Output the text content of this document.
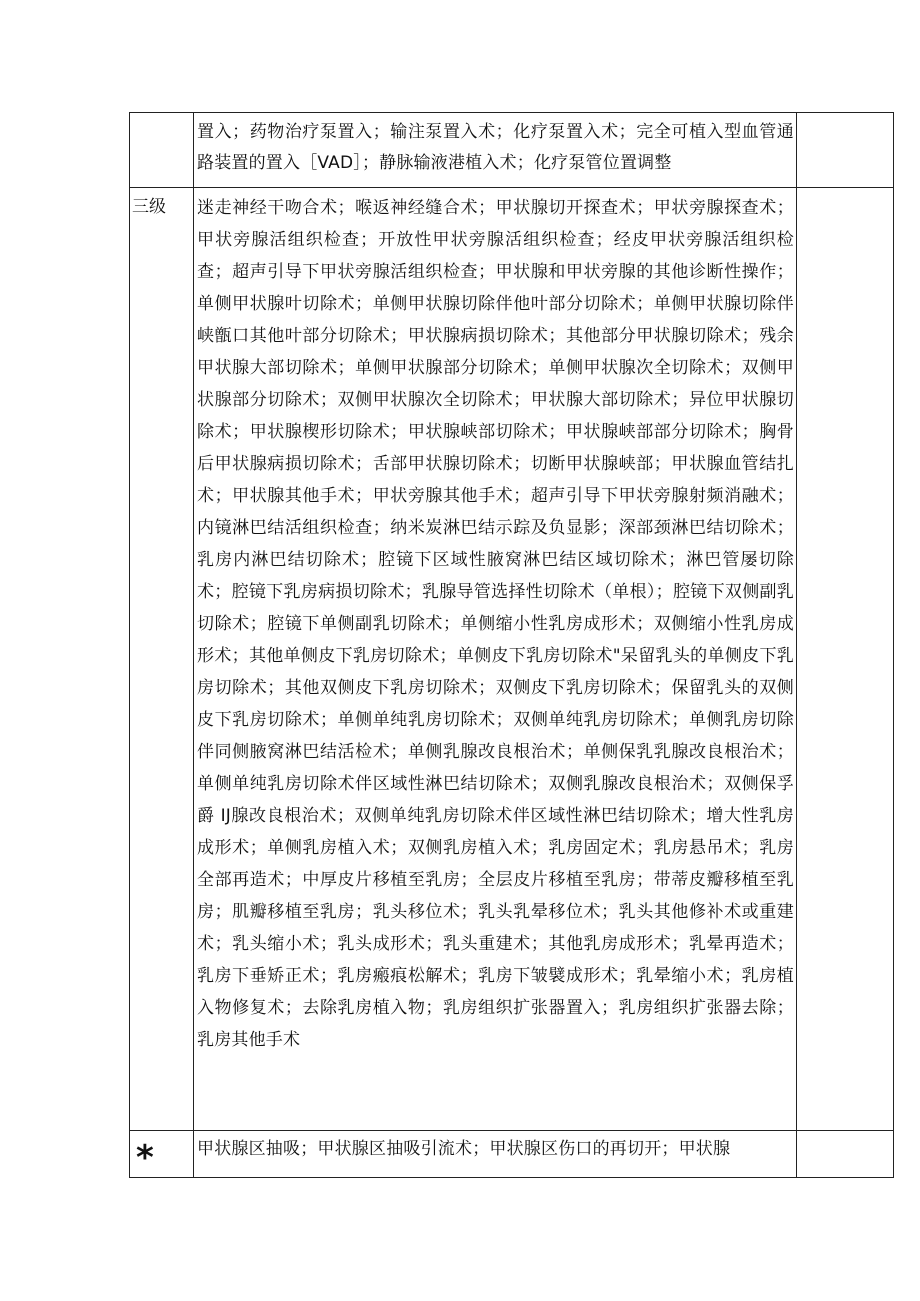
	置入；药物治疗泵置入；输注泵置入术；化疗泵置入术；完全可植入型血管通路装置的置入［VAD］；静脉输液港植入术；化疗泵管位置调整	

三级	迷走神经干吻合术；喉返神经缝合术；甲状腺切开探查术；甲状旁腺探查术；甲状旁腺活组织检查；开放性甲状旁腺活组织检查；经皮甲状旁腺活组织检查；超声引导下甲状旁腺活组织检查；甲状腺和甲状旁腺的其他诊断性操作；单侧甲状腺叶切除术；单侧甲状腺切除伴他叶部分切除术；单侧甲状腺切除伴峡甑口其他叶部分切除术；甲状腺病损切除术；其他部分甲状腺切除术；残余甲状腺大部切除术；单侧甲状腺部分切除术；单侧甲状腺次全切除术；双侧甲状腺部分切除术；双侧甲状腺次全切除术；甲状腺大部切除术；异位甲状腺切除术；甲状腺楔形切除术；甲状腺峡部切除术；甲状腺峡部部分切除术；胸骨后甲状腺病损切除术；舌部甲状腺切除术；切断甲状腺峡部；甲状腺血管结扎术；甲状腺其他手术；甲状旁腺其他手术；超声引导下甲状旁腺射频消融术；内镜淋巴结活组织检查；纳米炭淋巴结示踪及负显影；深部颈淋巴结切除术；乳房内淋巴结切除术；腔镜下区域性腋窝淋巴结区域切除术；淋巴管屡切除术；腔镜下乳房病损切除术；乳腺导管选择性切除术（单根）；腔镜下双侧副乳切除术；腔镜下单侧副乳切除术；单侧缩小性乳房成形术；双侧缩小性乳房成形术；其他单侧皮下乳房切除术；单侧皮下乳房切除术"呆留乳头的单侧皮下乳房切除术；其他双侧皮下乳房切除术；双侧皮下乳房切除术；保留乳头的双侧皮下乳房切除术；单侧单纯乳房切除术；双侧单纯乳房切除术；单侧乳房切除伴同侧腋窝淋巴结活检术；单侧乳腺改良根治术；单侧保乳乳腺改良根治术；单侧单纯乳房切除术伴区域性淋巴结切除术；双侧乳腺改良根治术；双侧保孚爵 IJ腺改良根治术；双侧单纯乳房切除术伴区域性淋巴结切除术；增大性乳房成形术；单侧乳房植入术；双侧乳房植入术；乳房固定术；乳房悬吊术；乳房全部再造术；中厚皮片移植至乳房；全层皮片移植至乳房；带蒂皮瓣移植至乳房；肌瓣移植至乳房；乳头移位术；乳头乳晕移位术；乳头其他修补术或重建术；乳头缩小术；乳头成形术；乳头重建术；其他乳房成形术；乳晕再造术；乳房下垂矫正术；乳房瘢痕松解术；乳房下皱襞成形术；乳晕缩小术；乳房植入物修复术；去除乳房植入物；乳房组织扩张器置入；乳房组织扩张器去除；乳房其他手术	

*	甲状腺区抽吸；甲状腺区抽吸引流术；甲状腺区伤口的再切开；甲状腺	
